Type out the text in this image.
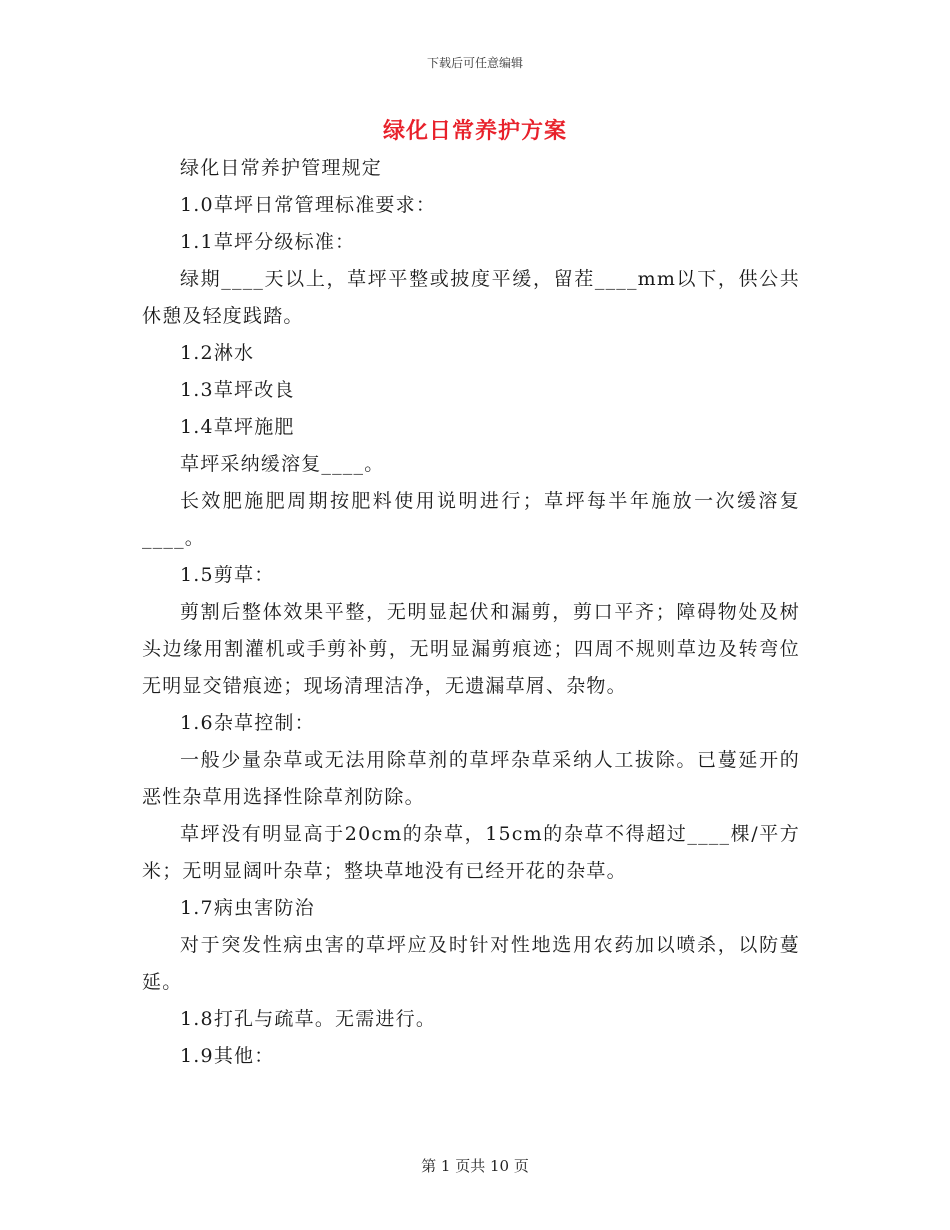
下载后可任意编辑
绿化日常养护方案

绿化日常养护管理规定

1.0草坪日常管理标准要求：

1.1草坪分级标准：

绿期____天以上，草坪平整或披度平缓，留茬____mm以下，供公共休憩及轻度践踏。

1.2淋水

1.3草坪改良

1.4草坪施肥

草坪采纳缓溶复____。

长效肥施肥周期按肥料使用说明进行；草坪每半年施放一次缓溶复____。

1.5剪草：

剪割后整体效果平整，无明显起伏和漏剪，剪口平齐；障碍物处及树头边缘用割灌机或手剪补剪，无明显漏剪痕迹；四周不规则草边及转弯位无明显交错痕迹；现场清理洁净，无遗漏草屑、杂物。

1.6杂草控制：

一般少量杂草或无法用除草剂的草坪杂草采纳人工拔除。已蔓延开的恶性杂草用选择性除草剂防除。

草坪没有明显高于20cm的杂草，15cm的杂草不得超过____棵/平方米；无明显阔叶杂草；整块草地没有已经开花的杂草。

1.7病虫害防治

对于突发性病虫害的草坪应及时针对性地选用农药加以喷杀，以防蔓延。

1.8打孔与疏草。无需进行。

1.9其他：

第 1 页共 10 页
